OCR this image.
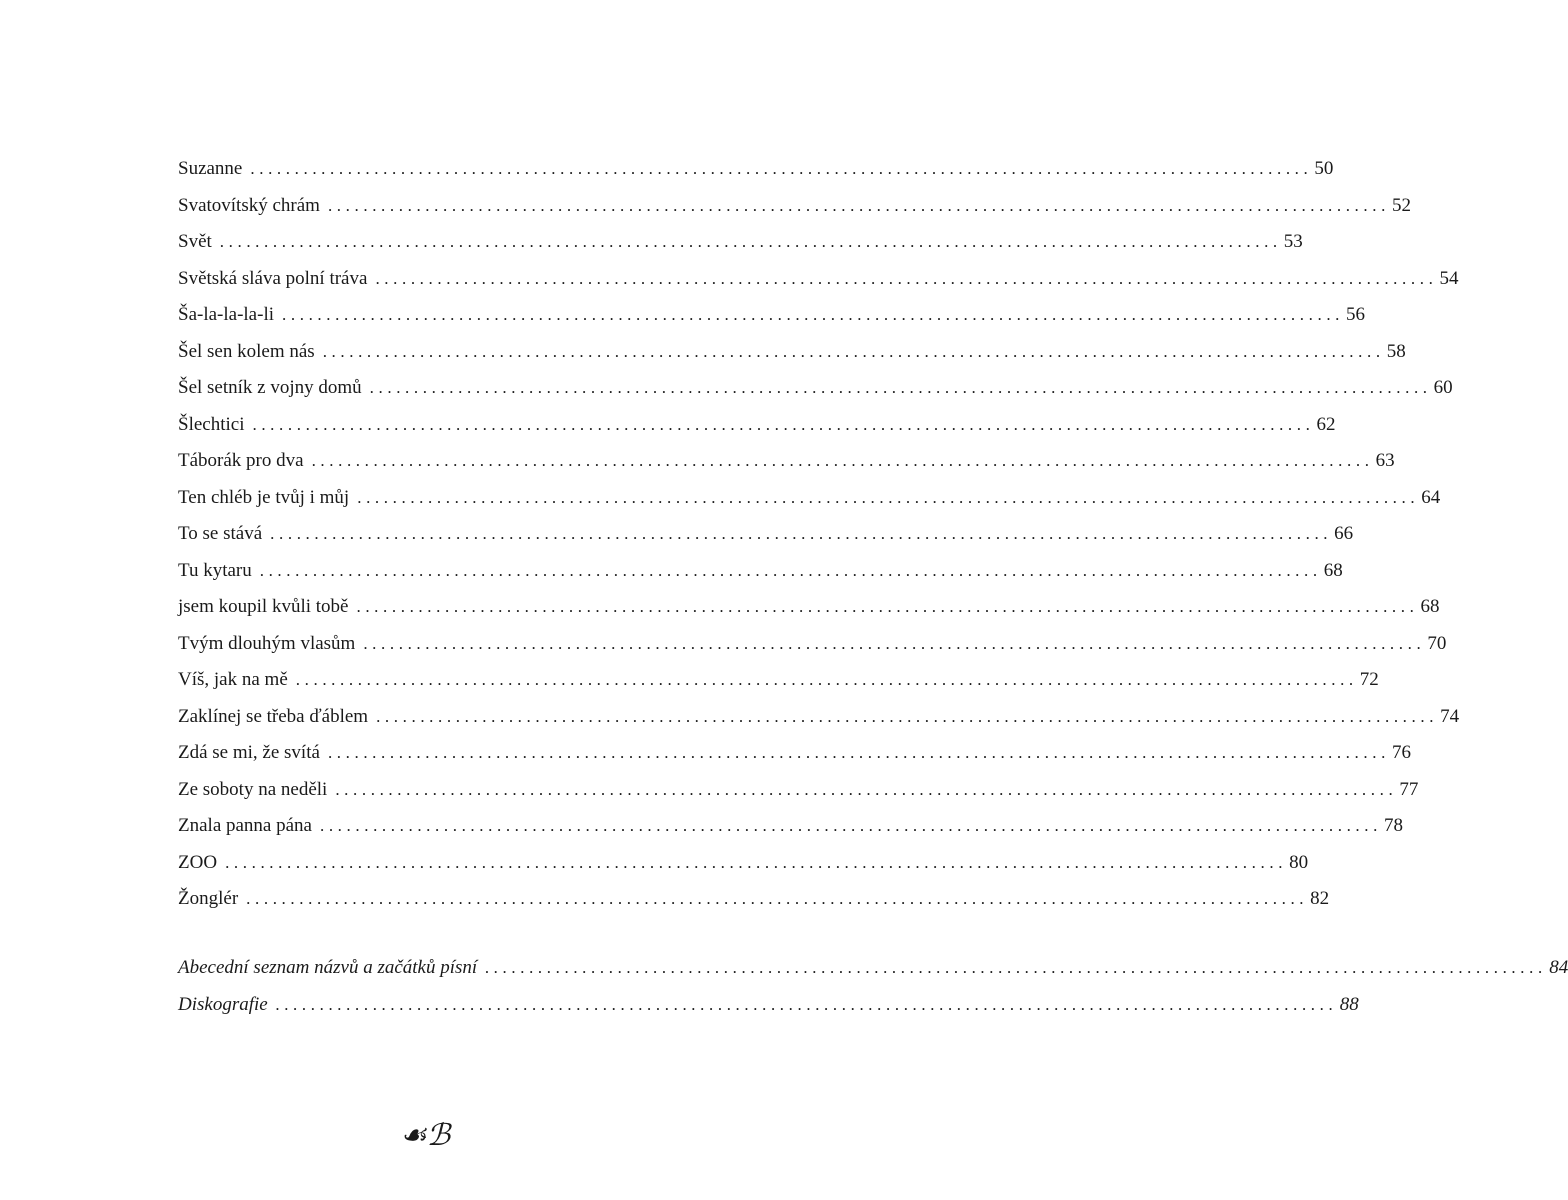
Suzanne ........................................................................................................................ 50
Svatovítský chrám ........................................................................................................................ 52
Svět ........................................................................................................................ 53
Světská sláva polní tráva ........................................................................................................................ 54
Ša-la-la-la-li ........................................................................................................................ 56
Šel sen kolem nás ........................................................................................................................ 58
Šel setník z vojny domů ........................................................................................................................ 60
Šlechtici ........................................................................................................................ 62
Táborák pro dva ........................................................................................................................ 63
Ten chléb je tvůj i můj ........................................................................................................................ 64
To se stává ........................................................................................................................ 66
Tu kytaru ........................................................................................................................ 68
jsem koupil kvůli tobě ........................................................................................................................ 68
Tvým dlouhým vlasům ........................................................................................................................ 70
Víš, jak na mě ........................................................................................................................ 72
Zaklínej se třeba ďáblem ........................................................................................................................ 74
Zdá se mi, že svítá ........................................................................................................................ 76
Ze soboty na neděli ........................................................................................................................ 77
Znala panna pána ........................................................................................................................ 78
ZOO ........................................................................................................................ 80
Žonglér ........................................................................................................................ 82
Abecední seznam názvů a začátků písní ........................................................................................................................ 84
Diskografie ........................................................................................................................ 88
☙ℬ
